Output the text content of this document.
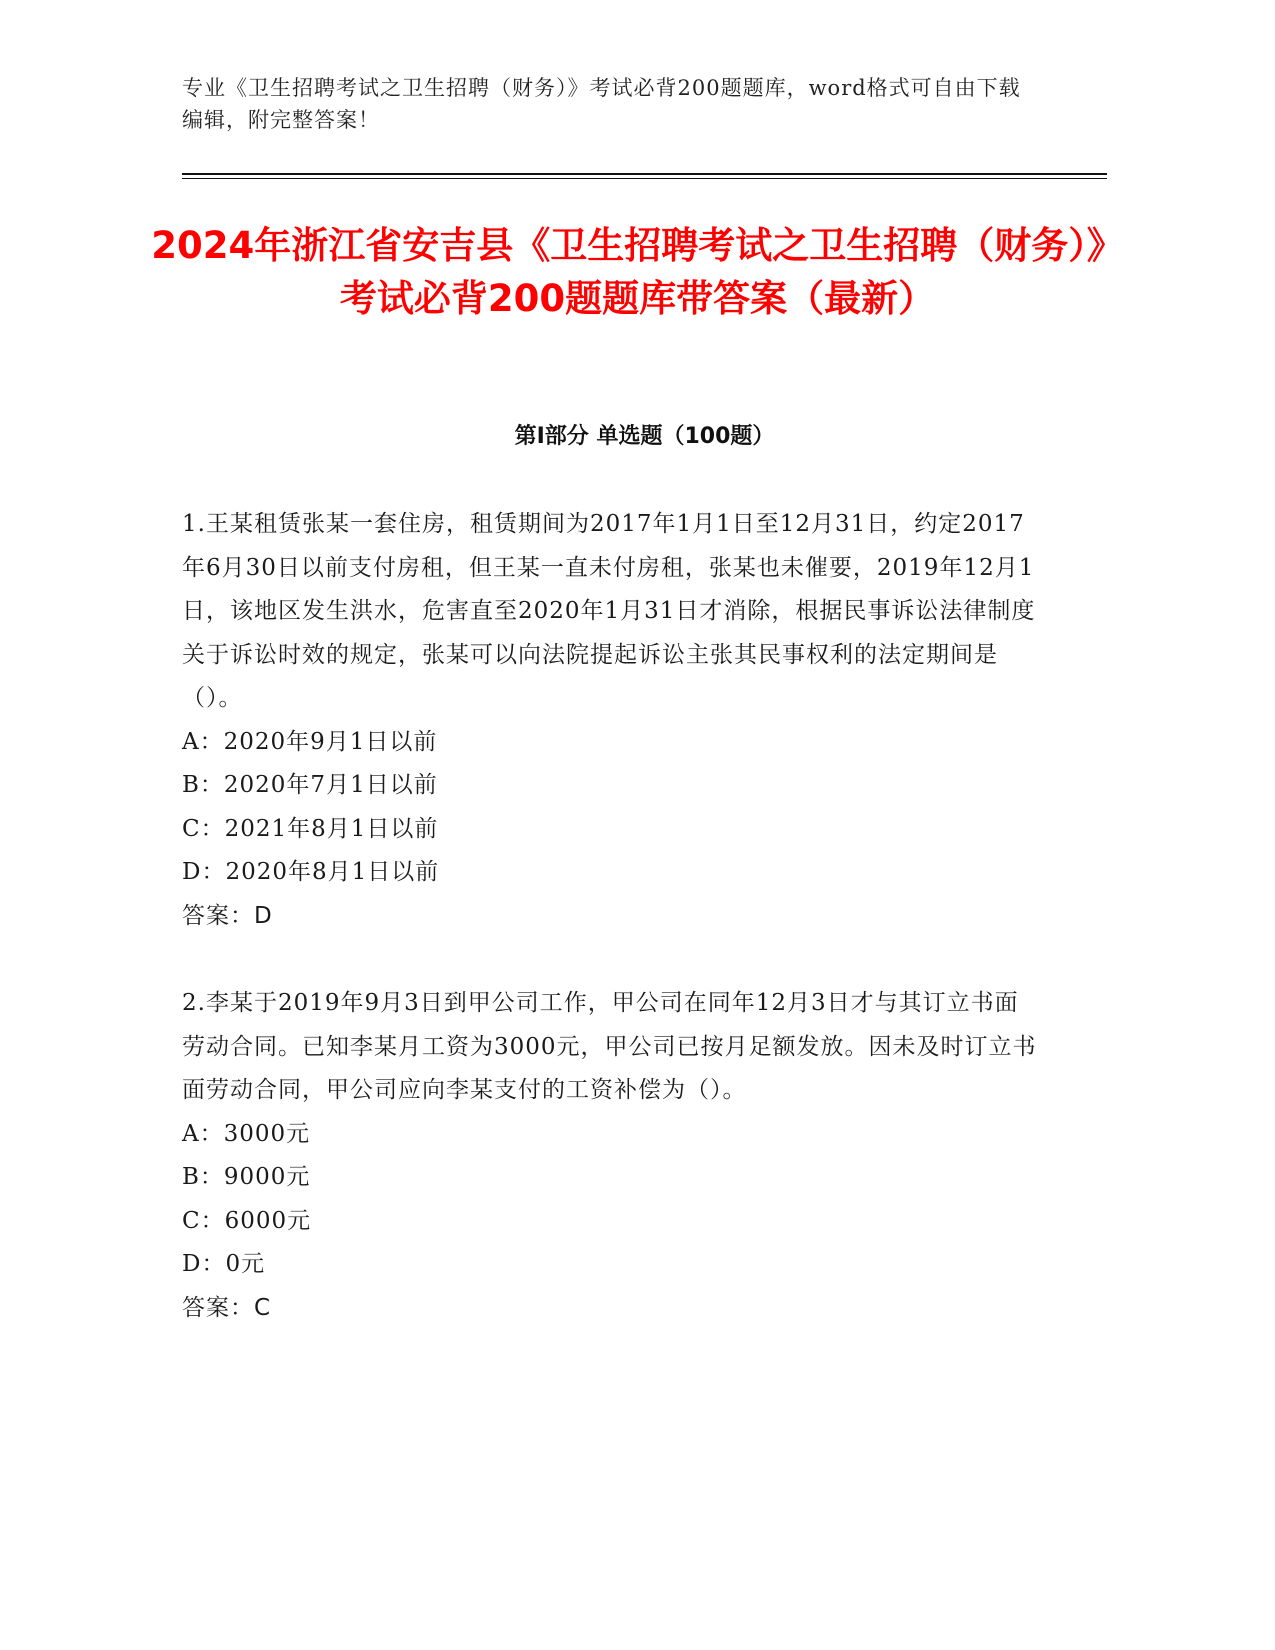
专业《卫生招聘考试之卫生招聘（财务）》考试必背200题题库，word格式可自由下载编辑，附完整答案！
2024年浙江省安吉县《卫生招聘考试之卫生招聘（财务）》考试必背200题题库带答案（最新）
第I部分 单选题（100题）

1.王某租赁张某一套住房，租赁期间为2017年1月1日至12月31日，约定2017年6月30日以前支付房租，但王某一直未付房租，张某也未催要，2019年12月1日，该地区发生洪水，危害直至2020年1月31日才消除，根据民事诉讼法律制度关于诉讼时效的规定，张某可以向法院提起诉讼主张其民事权利的法定期间是（）。

A：2020年9月1日以前

B：2020年7月1日以前

C：2021年8月1日以前

D：2020年8月1日以前

答案：D

2.李某于2019年9月3日到甲公司工作，甲公司在同年12月3日才与其订立书面劳动合同。已知李某月工资为3000元，甲公司已按月足额发放。因未及时订立书面劳动合同，甲公司应向李某支付的工资补偿为（）。

A：3000元

B：9000元

C：6000元

D：0元

答案：C
